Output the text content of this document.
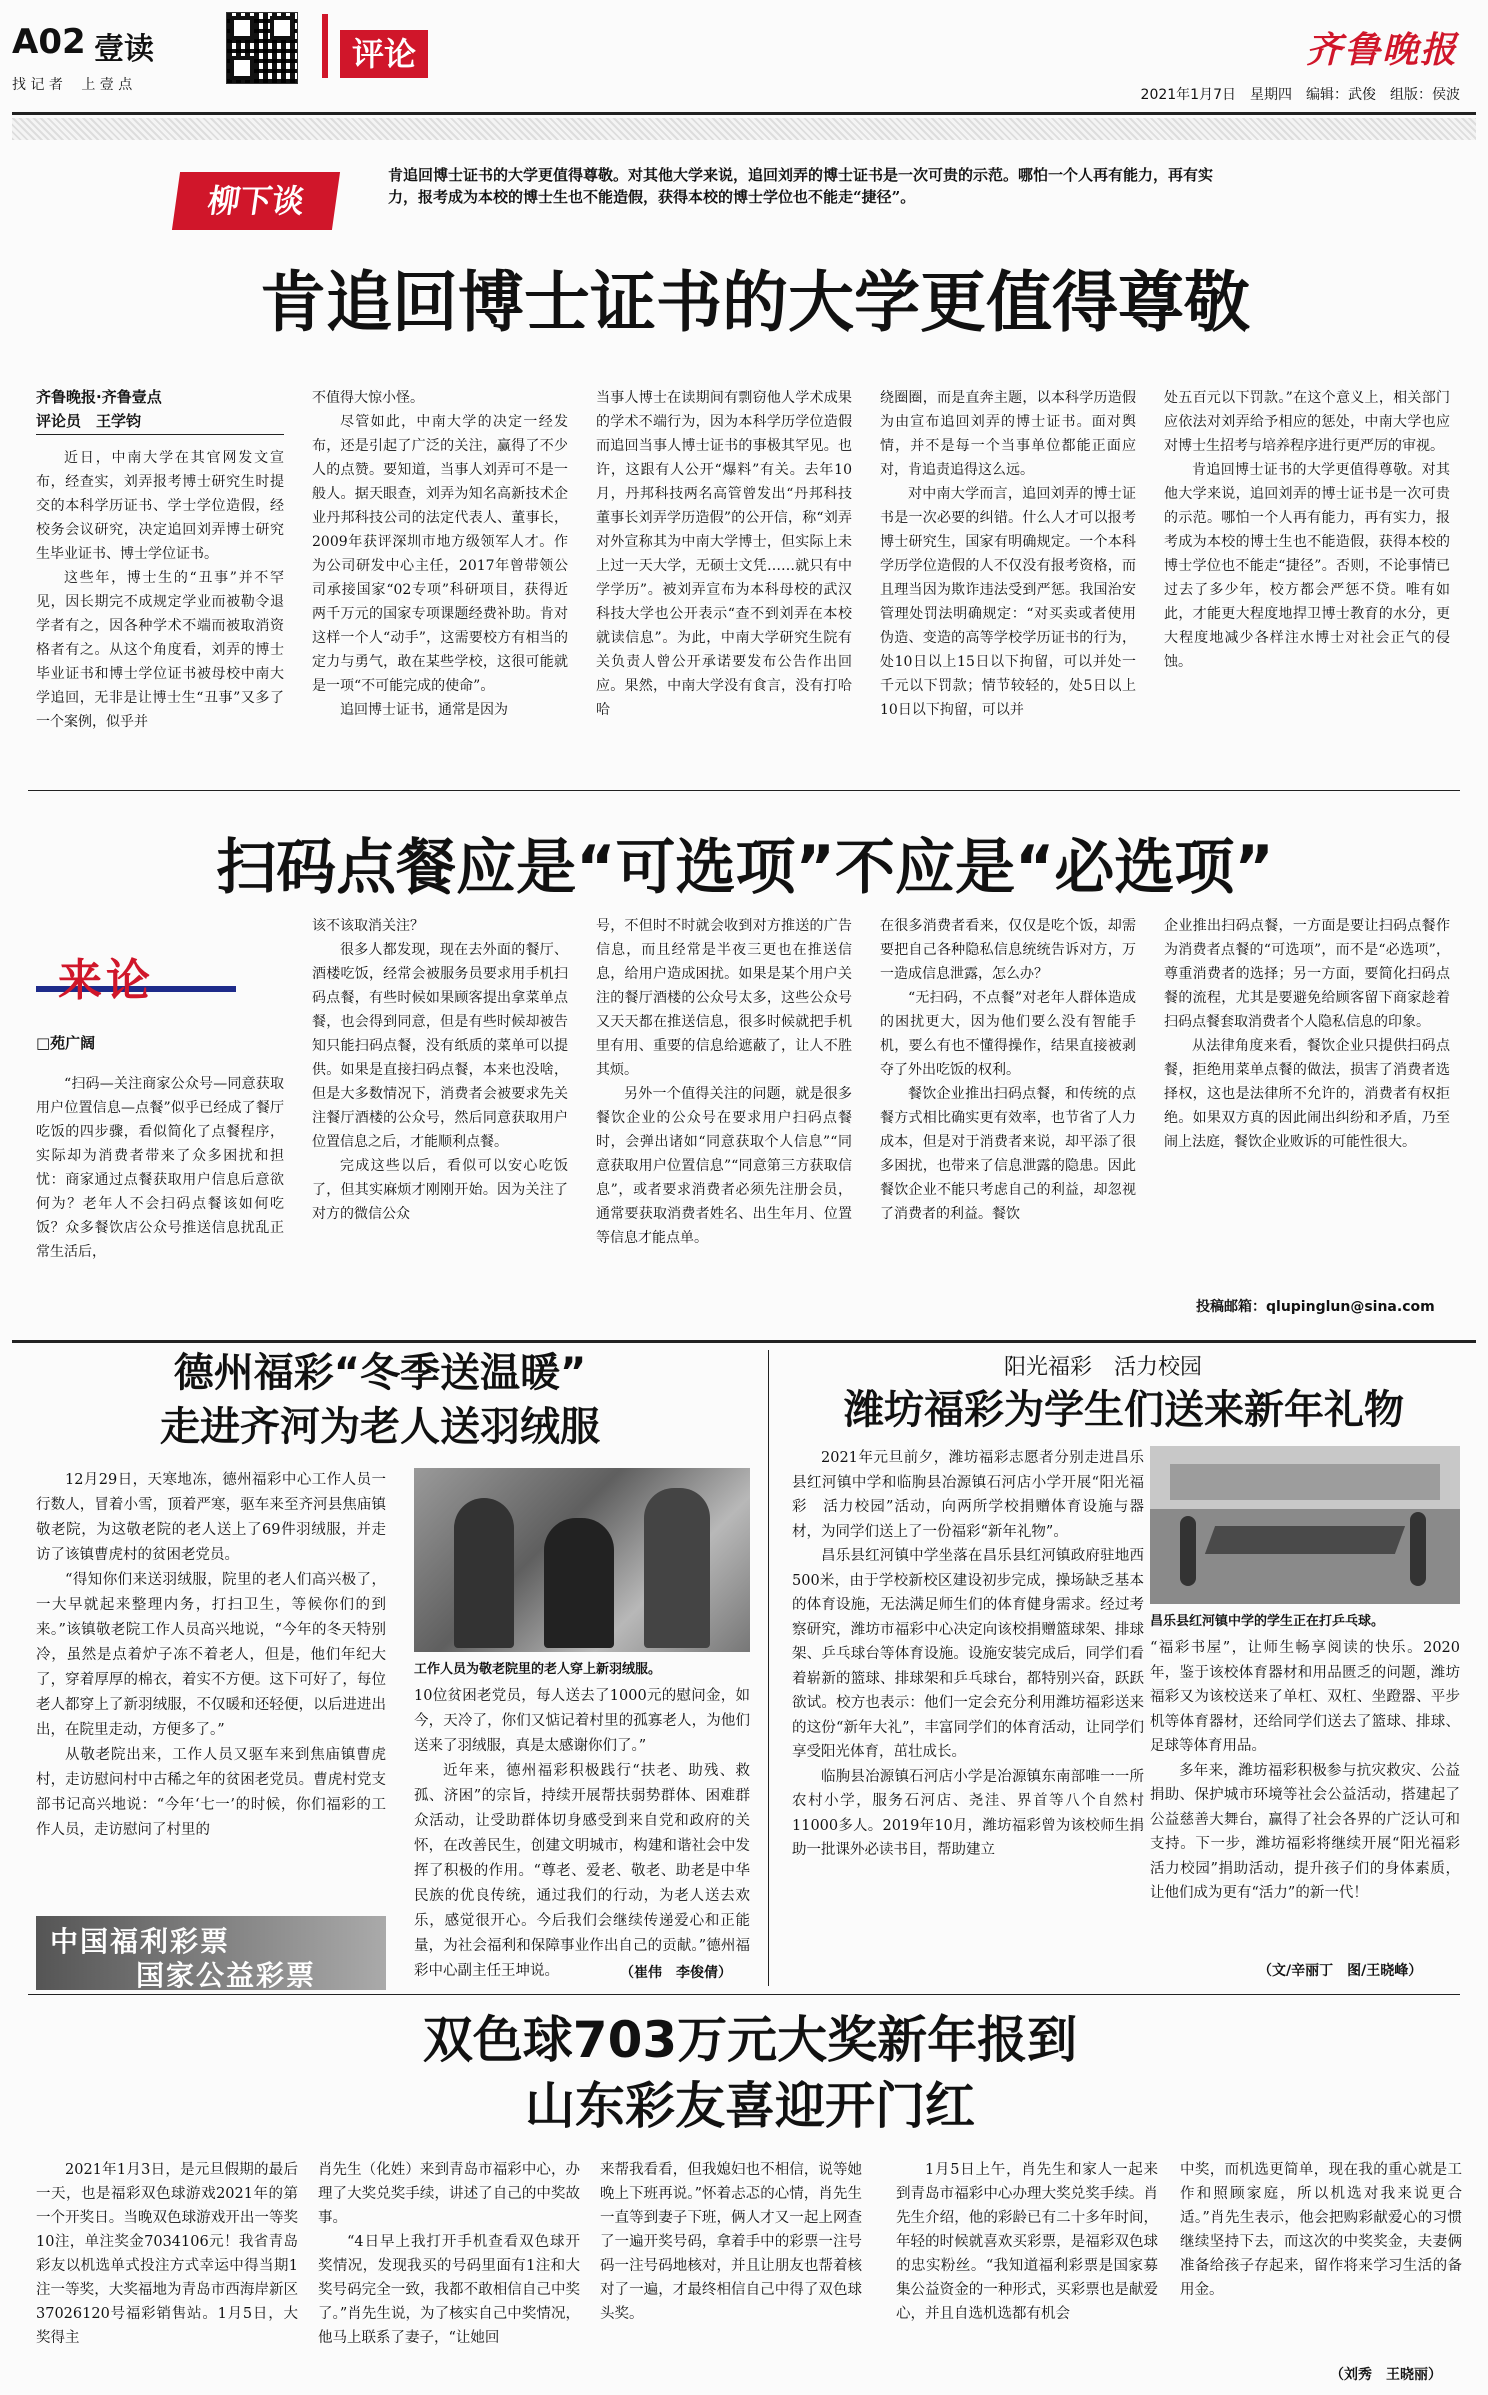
A02 壹读
找 记 者　 上 壹 点
评论	齐鲁晚报
2021年1月7日　星期四　编辑：武俊　组版：侯波
柳下谈
肯追回博士证书的大学更值得尊敬。对其他大学来说，追回刘弄的博士证书是一次可贵的示范。哪怕一个人再有能力，再有实力，报考成为本校的博士生也不能造假，获得本校的博士学位也不能走“捷径”。
肯追回博士证书的大学更值得尊敬
齐鲁晚报·齐鲁壹点
评论员　王学钧

近日，中南大学在其官网发文宣布，经查实，刘弄报考博士研究生时提交的本科学历证书、学士学位造假，经校务会议研究，决定追回刘弄博士研究生毕业证书、博士学位证书。

这些年，博士生的“丑事”并不罕见，因长期完不成规定学业而被勒令退学者有之，因各种学术不端而被取消资格者有之。从这个角度看，刘弄的博士毕业证书和博士学位证书被母校中南大学追回，无非是让博士生“丑事”又多了一个案例，似乎并

不值得大惊小怪。

尽管如此，中南大学的决定一经发布，还是引起了广泛的关注，赢得了不少人的点赞。要知道，当事人刘弄可不是一般人。据天眼查，刘弄为知名高新技术企业丹邦科技公司的法定代表人、董事长，2009年获评深圳市地方级领军人才。作为公司研发中心主任，2017年曾带领公司承接国家“02专项”科研项目，获得近两千万元的国家专项课题经费补助。肯对这样一个人“动手”，这需要校方有相当的定力与勇气，敢在某些学校，这很可能就是一项“不可能完成的使命”。

追回博士证书，通常是因为

当事人博士在读期间有剽窃他人学术成果的学术不端行为，因为本科学历学位造假而追回当事人博士证书的事极其罕见。也许，这跟有人公开“爆料”有关。去年10月，丹邦科技两名高管曾发出“丹邦科技董事长刘弄学历造假”的公开信，称“刘弄对外宣称其为中南大学博士，但实际上未上过一天大学，无硕士文凭……就只有中学学历”。被刘弄宣布为本科母校的武汉科技大学也公开表示“查不到刘弄在本校就读信息”。为此，中南大学研究生院有关负责人曾公开承诺要发布公告作出回应。果然，中南大学没有食言，没有打哈哈

绕圈圈，而是直奔主题，以本科学历造假为由宣布追回刘弄的博士证书。面对舆情，并不是每一个当事单位都能正面应对，肯追责追得这么远。

对中南大学而言，追回刘弄的博士证书是一次必要的纠错。什么人才可以报考博士研究生，国家有明确规定。一个本科学历学位造假的人不仅没有报考资格，而且理当因为欺诈违法受到严惩。我国治安管理处罚法明确规定：“对买卖或者使用伪造、变造的高等学校学历证书的行为，处10日以上15日以下拘留，可以并处一千元以下罚款；情节较轻的，处5日以上10日以下拘留，可以并

处五百元以下罚款。”在这个意义上，相关部门应依法对刘弄给予相应的惩处，中南大学也应对博士生招考与培养程序进行更严厉的审视。

肯追回博士证书的大学更值得尊敬。对其他大学来说，追回刘弄的博士证书是一次可贵的示范。哪怕一个人再有能力，再有实力，报考成为本校的博士生也不能造假，获得本校的博士学位也不能走“捷径”。否则，不论事情已过去了多少年，校方都会严惩不贷。唯有如此，才能更大程度地捍卫博士教育的水分，更大程度地减少各样注水博士对社会正气的侵蚀。

扫码点餐应是“可选项”不应是“必选项”
来论
□苑广阔

“扫码—关注商家公众号—同意获取用户位置信息—点餐”似乎已经成了餐厅吃饭的四步骤，看似简化了点餐程序，实际却为消费者带来了众多困扰和担忧：商家通过点餐获取用户信息后意欲何为？老年人不会扫码点餐该如何吃饭？众多餐饮店公众号推送信息扰乱正常生活后，

该不该取消关注？

很多人都发现，现在去外面的餐厅、酒楼吃饭，经常会被服务员要求用手机扫码点餐，有些时候如果顾客提出拿菜单点餐，也会得到同意，但是有些时候却被告知只能扫码点餐，没有纸质的菜单可以提供。如果是直接扫码点餐，本来也没啥，但是大多数情况下，消费者会被要求先关注餐厅酒楼的公众号，然后同意获取用户位置信息之后，才能顺利点餐。

完成这些以后，看似可以安心吃饭了，但其实麻烦才刚刚开始。因为关注了对方的微信公众

号，不但时不时就会收到对方推送的广告信息，而且经常是半夜三更也在推送信息，给用户造成困扰。如果是某个用户关注的餐厅酒楼的公众号太多，这些公众号又天天都在推送信息，很多时候就把手机里有用、重要的信息给遮蔽了，让人不胜其烦。

另外一个值得关注的问题，就是很多餐饮企业的公众号在要求用户扫码点餐时，会弹出诸如“同意获取个人信息”“同意获取用户位置信息”“同意第三方获取信息”，或者要求消费者必须先注册会员，通常要获取消费者姓名、出生年月、位置等信息才能点单。

在很多消费者看来，仅仅是吃个饭，却需要把自己各种隐私信息统统告诉对方，万一造成信息泄露，怎么办？

“无扫码，不点餐”对老年人群体造成的困扰更大，因为他们要么没有智能手机，要么有也不懂得操作，结果直接被剥夺了外出吃饭的权利。

餐饮企业推出扫码点餐，和传统的点餐方式相比确实更有效率，也节省了人力成本，但是对于消费者来说，却平添了很多困扰，也带来了信息泄露的隐患。因此餐饮企业不能只考虑自己的利益，却忽视了消费者的利益。餐饮

企业推出扫码点餐，一方面是要让扫码点餐作为消费者点餐的“可选项”，而不是“必选项”，尊重消费者的选择；另一方面，要简化扫码点餐的流程，尤其是要避免给顾客留下商家趁着扫码点餐套取消费者个人隐私信息的印象。

从法律角度来看，餐饮企业只提供扫码点餐，拒绝用菜单点餐的做法，损害了消费者选择权，这也是法律所不允许的，消费者有权拒绝。如果双方真的因此闹出纠纷和矛盾，乃至闹上法庭，餐饮企业败诉的可能性很大。

投稿邮箱：qlupinglun@sina.com
德州福彩“冬季送温暖”
走进齐河为老人送羽绒服

12月29日，天寒地冻，德州福彩中心工作人员一行数人，冒着小雪，顶着严寒，驱车来至齐河县焦庙镇敬老院，为这敬老院的老人送上了69件羽绒服，并走访了该镇曹虎村的贫困老党员。

“得知你们来送羽绒服，院里的老人们高兴极了，一大早就起来整理内务，打扫卫生，等候你们的到来。”该镇敬老院工作人员高兴地说，“今年的冬天特别冷，虽然是点着炉子冻不着老人，但是，他们年纪大了，穿着厚厚的棉衣，着实不方便。这下可好了，每位老人都穿上了新羽绒服，不仅暖和还轻便，以后进进出出，在院里走动，方便多了。”

从敬老院出来，工作人员又驱车来到焦庙镇曹虎村，走访慰问村中古稀之年的贫困老党员。曹虎村党支部书记高兴地说：“今年‘七一’的时候，你们福彩的工作人员，走访慰问了村里的

工作人员为敬老院里的老人穿上新羽绒服。

10位贫困老党员，每人送去了1000元的慰问金，如今，天冷了，你们又惦记着村里的孤寡老人，为他们送来了羽绒服，真是太感谢你们了。”

近年来，德州福彩积极践行“扶老、助残、救孤、济困”的宗旨，持续开展帮扶弱势群体、困难群众活动，让受助群体切身感受到来自党和政府的关怀，在改善民生，创建文明城市，构建和谐社会中发挥了积极的作用。“尊老、爱老、敬老、助老是中华民族的优良传统，通过我们的行动，为老人送去欢乐，感觉很开心。今后我们会继续传递爱心和正能量，为社会福利和保障事业作出自己的贡献。”德州福彩中心副主任王坤说。	（崔伟　李俊倩）
中国福利彩票
国家公益彩票
阳光福彩　活力校园
潍坊福彩为学生们送来新年礼物

2021年元旦前夕，潍坊福彩志愿者分别走进昌乐县红河镇中学和临朐县冶源镇石河店小学开展“阳光福彩　活力校园”活动，向两所学校捐赠体育设施与器材，为同学们送上了一份福彩“新年礼物”。

昌乐县红河镇中学坐落在昌乐县红河镇政府驻地西500米，由于学校新校区建设初步完成，操场缺乏基本的体育设施，无法满足师生们的体育健身需求。经过考察研究，潍坊市福彩中心决定向该校捐赠篮球架、排球架、乒乓球台等体育设施。设施安装完成后，同学们看着崭新的篮球、排球架和乒乓球台，都特别兴奋，跃跃欲试。校方也表示：他们一定会充分利用潍坊福彩送来的这份“新年大礼”，丰富同学们的体育活动，让同学们享受阳光体育，茁壮成长。

临朐县冶源镇石河店小学是冶源镇东南部唯一一所农村小学，服务石河店、尧洼、界首等八个自然村11000多人。2019年10月，潍坊福彩曾为该校师生捐助一批课外必读书目，帮助建立

昌乐县红河镇中学的学生正在打乒乓球。

“福彩书屋”，让师生畅享阅读的快乐。2020年，鉴于该校体育器材和用品匮乏的问题，潍坊福彩又为该校送来了单杠、双杠、坐蹬器、平步机等体育器材，还给同学们送去了篮球、排球、足球等体育用品。

多年来，潍坊福彩积极参与抗灾救灾、公益捐助、保护城市环境等社会公益活动，搭建起了公益慈善大舞台，赢得了社会各界的广泛认可和支持。下一步，潍坊福彩将继续开展“阳光福彩　活力校园”捐助活动，提升孩子们的身体素质，让他们成为更有“活力”的新一代！

（文/辛丽丁　图/王晓峰）
双色球703万元大奖新年报到
山东彩友喜迎开门红

2021年1月3日，是元旦假期的最后一天，也是福彩双色球游戏2021年的第一个开奖日。当晚双色球游戏开出一等奖10注，单注奖金7034106元！我省青岛彩友以机选单式投注方式幸运中得当期1注一等奖，大奖福地为青岛市西海岸新区37026120号福彩销售站。1月5日，大奖得主

肖先生（化姓）来到青岛市福彩中心，办理了大奖兑奖手续，讲述了自己的中奖故事。

“4日早上我打开手机查看双色球开奖情况，发现我买的号码里面有1注和大奖号码完全一致，我都不敢相信自己中奖了。”肖先生说，为了核实自己中奖情况，他马上联系了妻子，“让她回

来帮我看看，但我媳妇也不相信，说等她晚上下班再说。”怀着忐忑的心情，肖先生一直等到妻子下班，俩人才又一起上网查了一遍开奖号码，拿着手中的彩票一注号码一注号码地核对，并且让朋友也帮着核对了一遍，才最终相信自己中得了双色球头奖。

1月5日上午，肖先生和家人一起来到青岛市福彩中心办理大奖兑奖手续。肖先生介绍，他的彩龄已有二十多年时间，年轻的时候就喜欢买彩票，是福彩双色球的忠实粉丝。“我知道福利彩票是国家募集公益资金的一种形式，买彩票也是献爱心，并且自选机选都有机会

中奖，而机选更简单，现在我的重心就是工作和照顾家庭，所以机选对我来说更合适。”肖先生表示，他会把购彩献爱心的习惯继续坚持下去，而这次的中奖奖金，夫妻俩准备给孩子存起来，留作将来学习生活的备用金。

（刘秀　王晓丽）
